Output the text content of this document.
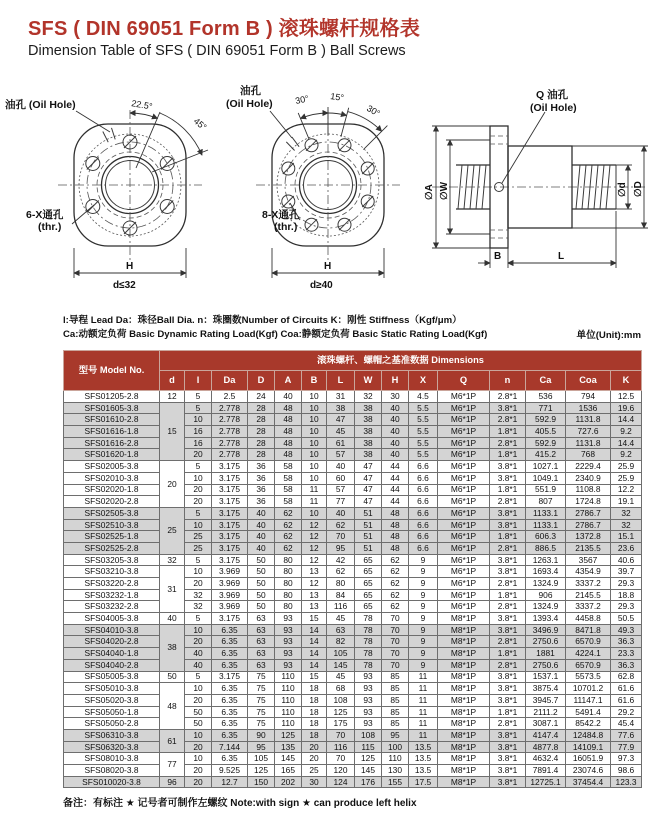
SFS ( DIN 69051 Form B ) 滚珠螺杆规格表
Dimension Table of SFS ( DIN 69051 Form B ) Ball Screws
22.5°
45°
油孔 (Oil Hole)
6-X通孔
(thr.)
H
d≤32
30° 15°
30°
油孔
(Oil Hole)
8-X通孔
(thr.)
H
d≥40
Q 油孔
(Oil Hole)
∅A ∅W	∅d ∅D
B	L
l:导程 Lead Da：珠径Ball Dia. n：珠圈数Number of Circuits K：刚性 Stiffness（Kgf/μm）
Ca:动额定负荷 Basic Dynamic Rating Load(Kgf) Coa:静额定负荷 Basic Static Rating Load(Kgf)	单位(Unit):mm
型号 Model No.	滚珠螺杆、螺帽之基准数据 Dimensions														
	d	l	Da	D	A	B	L	W	H	X	Q	n	Ca	Coa	K
SFS01205-2.8	12	5	2.5	24	40	10	31	32	30	4.5	M6*1P	2.8*1	536	794	12.5
SFS01605-3.8	15	5	2.778	28	48	10	38	38	40	5.5	M6*1P	3.8*1	771	1536	19.6
SFS01610-2.8		10	2.778	28	48	10	47	38	40	5.5	M6*1P	2.8*1	592.9	1131.8	14.4
SFS01616-1.8		16	2.778	28	48	10	45	38	40	5.5	M6*1P	1.8*1	405.5	727.6	9.2
SFS01616-2.8		16	2.778	28	48	10	61	38	40	5.5	M6*1P	2.8*1	592.9	1131.8	14.4
SFS01620-1.8		20	2.778	28	48	10	57	38	40	5.5	M6*1P	1.8*1	415.2	768	9.2
SFS02005-3.8	20	5	3.175	36	58	10	40	47	44	6.6	M6*1P	3.8*1	1027.1	2229.4	25.9
SFS02010-3.8		10	3.175	36	58	10	60	47	44	6.6	M6*1P	3.8*1	1049.1	2340.9	25.9
SFS02020-1.8		20	3.175	36	58	11	57	47	44	6.6	M6*1P	1.8*1	551.9	1108.8	12.2
SFS02020-2.8		20	3.175	36	58	11	77	47	44	6.6	M6*1P	2.8*1	807	1724.8	19.1
SFS02505-3.8	25	5	3.175	40	62	10	40	51	48	6.6	M6*1P	3.8*1	1133.1	2786.7	32
SFS02510-3.8		10	3.175	40	62	12	62	51	48	6.6	M6*1P	3.8*1	1133.1	2786.7	32
SFS02525-1.8		25	3.175	40	62	12	70	51	48	6.6	M6*1P	1.8*1	606.3	1372.8	15.1
SFS02525-2.8		25	3.175	40	62	12	95	51	48	6.6	M6*1P	2.8*1	886.5	2135.5	23.6
SFS03205-3.8	32	5	3.175	50	80	12	42	65	62	9	M6*1P	3.8*1	1263.1	3567	40.6
SFS03210-3.8	31	10	3.969	50	80	13	62	65	62	9	M6*1P	3.8*1	1693.4	4354.9	39.7
SFS03220-2.8		20	3.969	50	80	12	80	65	62	9	M6*1P	2.8*1	1324.9	3337.2	29.3
SFS03232-1.8		32	3.969	50	80	13	84	65	62	9	M6*1P	1.8*1	906	2145.5	18.8
SFS03232-2.8		32	3.969	50	80	13	116	65	62	9	M6*1P	2.8*1	1324.9	3337.2	29.3
SFS04005-3.8	40	5	3.175	63	93	15	45	78	70	9	M8*1P	3.8*1	1393.4	4458.8	50.5
SFS04010-3.8	38	10	6.35	63	93	14	63	78	70	9	M8*1P	3.8*1	3496.9	8471.8	49.3
SFS04020-2.8		20	6.35	63	93	14	82	78	70	9	M8*1P	2.8*1	2750.6	6570.9	36.3
SFS04040-1.8		40	6.35	63	93	14	105	78	70	9	M8*1P	1.8*1	1881	4224.1	23.3
SFS04040-2.8		40	6.35	63	93	14	145	78	70	9	M8*1P	2.8*1	2750.6	6570.9	36.3
SFS05005-3.8	50	5	3.175	75	110	15	45	93	85	11	M8*1P	3.8*1	1537.1	5573.5	62.8
SFS05010-3.8	48	10	6.35	75	110	18	68	93	85	11	M8*1P	3.8*1	3875.4	10701.2	61.6
SFS05020-3.8		20	6.35	75	110	18	108	93	85	11	M8*1P	3.8*1	3945.7	11147.1	61.6
SFS05050-1.8		50	6.35	75	110	18	125	93	85	11	M8*1P	1.8*1	2111.2	5491.4	29.2
SFS05050-2.8		50	6.35	75	110	18	175	93	85	11	M8*1P	2.8*1	3087.1	8542.2	45.4
SFS06310-3.8	61	10	6.35	90	125	18	70	108	95	11	M8*1P	3.8*1	4147.4	12484.8	77.6
SFS06320-3.8		20	7.144	95	135	20	116	115	100	13.5	M8*1P	3.8*1	4877.8	14109.1	77.9
SFS08010-3.8	77	10	6.35	105	145	20	70	125	110	13.5	M8*1P	3.8*1	4632.4	16051.9	97.3
SFS08020-3.8		20	9.525	125	165	25	120	145	130	13.5	M8*1P	3.8*1	7891.4	23074.6	98.6
SFS010020-3.8	96	20	12.7	150	202	30	124	176	155	17.5	M8*1P	3.8*1	12725.1	37454.4	123.3
备注：有标注 ★ 记号者可制作左螺纹 Note:with sign ★ can produce left helix
